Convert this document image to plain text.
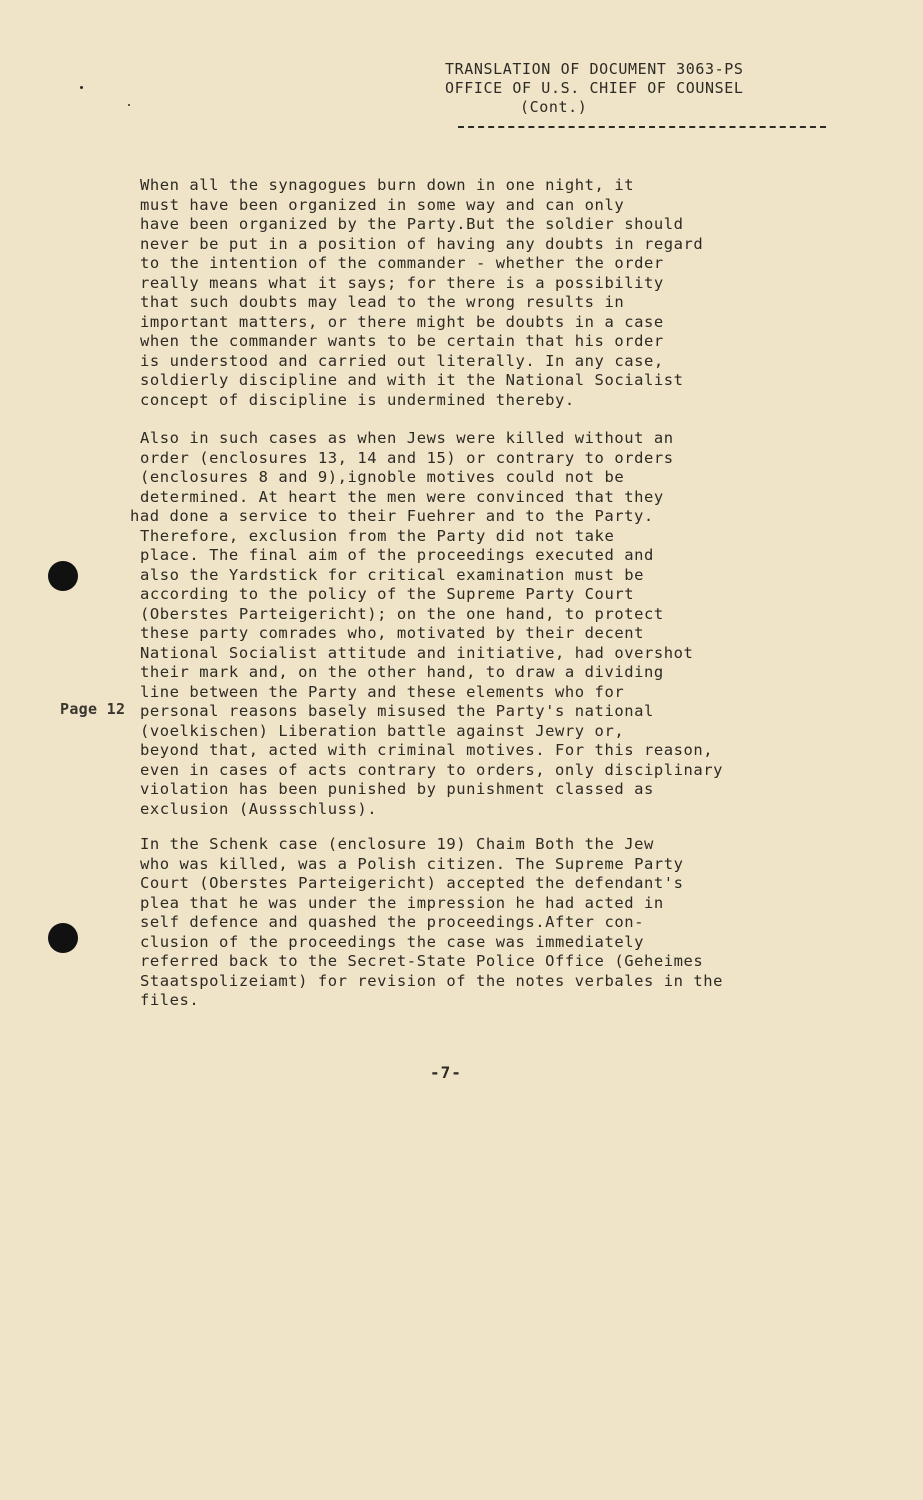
TRANSLATION OF DOCUMENT 3063-PS
OFFICE OF U.S. CHIEF OF COUNSEL
(Cont.)
When all the synagogues burn down in one night, it
must have been organized in some way and can only
have been organized by the Party.But the soldier should
never be put in a position of having any doubts in regard
to the intention of the commander - whether the order
really means what it says; for there is a possibility
that such doubts may lead to the wrong results in
important matters, or there might be doubts in a case
when the commander wants to be certain that his order
is understood and carried out literally. In any case,
soldierly discipline and with it the National Socialist
concept of discipline is undermined thereby.
Also in such cases as when Jews were killed without an
order (enclosures 13, 14 and 15) or contrary to orders
(enclosures 8 and 9),ignoble motives could not be
determined. At heart the men were convinced that they
had done a service to their Fuehrer and to the Party.
Therefore, exclusion from the Party did not take
place. The final aim of the proceedings executed and
also the Yardstick for critical examination must be
according to the policy of the Supreme Party Court
(Oberstes Parteigericht); on the one hand, to protect
these party comrades who, motivated by their decent
National Socialist attitude and initiative, had overshot
their mark and, on the other hand, to draw a dividing
line between the Party and these elements who for
personal reasons basely misused the Party's national
(voelkischen) Liberation battle against Jewry or,
beyond that, acted with criminal motives. For this reason,
even in cases of acts contrary to orders, only disciplinary
violation has been punished by punishment classed as
exclusion (Aussschluss).
Page 12
In the Schenk case (enclosure 19) Chaim Both the Jew
who was killed, was a Polish citizen. The Supreme Party
Court (Oberstes Parteigericht) accepted the defendant's
plea that he was under the impression he had acted in
self defence and quashed the proceedings.After con-
clusion of the proceedings the case was immediately
referred back to the Secret-State Police Office (Geheimes
Staatspolizeiamt) for revision of the notes verbales in the
files.
-7-
